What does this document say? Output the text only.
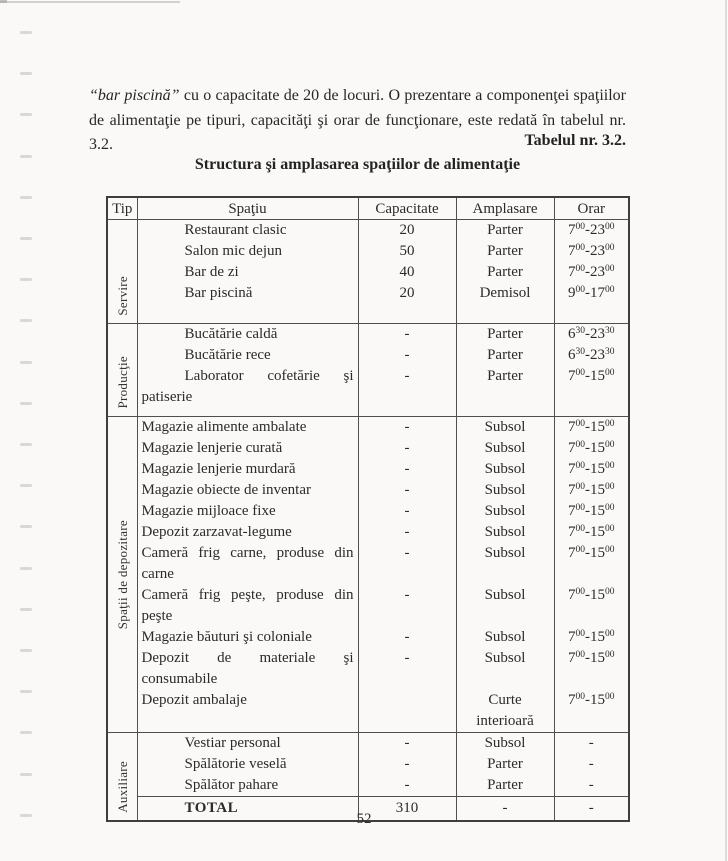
“bar piscină” cu o capacitate de 20 de locuri. O prezentare a componenţei spaţiilor de alimentaţie pe tipuri, capacităţi şi orar de funcţionare, este redată în tabelul nr. 3.2.	Tabelul nr. 3.2.
Structura şi amplasarea spaţiilor de alimentaţie
Tip	Spaţiu	Capacitate	Amplasare	Orar

Servire	Restaurant clasic	20	Parter	$7^{00}-23^{00}$
	Salon mic dejun	50	Parter	$7^{00}-23^{00}$
	Bar de zi	40	Parter	$7^{00}-23^{00}$
	Bar piscină	20	Demisol	$9^{00}-17^{00}$

Producţie	Bucătărie caldă	-	Parter	$6^{30}-23^{30}$
	Bucătărie rece	-	Parter	$6^{30}-23^{30}$
	Laborator cofetărie şi patiserie	-	Parter	$7^{00}-15^{00}$

Spaţii de depozitare	Magazie alimente ambalate	-	Subsol	$7^{00}-15^{00}$
	Magazie lenjerie curată	-	Subsol	$7^{00}-15^{00}$
	Magazie lenjerie murdară	-	Subsol	$7^{00}-15^{00}$
	Magazie obiecte de inventar	-	Subsol	$7^{00}-15^{00}$
	Magazie mijloace fixe	-	Subsol	$7^{00}-15^{00}$
	Depozit zarzavat-legume	-	Subsol	$7^{00}-15^{00}$
	Cameră frig carne, produse din carne	-	Subsol	$7^{00}-15^{00}$
	Cameră frig peşte, produse din peşte	-	Subsol	$7^{00}-15^{00}$
	Magazie băuturi şi coloniale	-	Subsol	$7^{00}-15^{00}$
	Depozit de materiale şi consumabile	-	Subsol	$7^{00}-15^{00}$
	Depozit ambalaje		Curte interioară	$7^{00}-15^{00}$

Auxiliare	Vestiar personal	-	Subsol	-
	Spălătorie veselă	-	Parter	-
	Spălător pahare	-	Parter	-
	TOTAL	310	-	-
52
